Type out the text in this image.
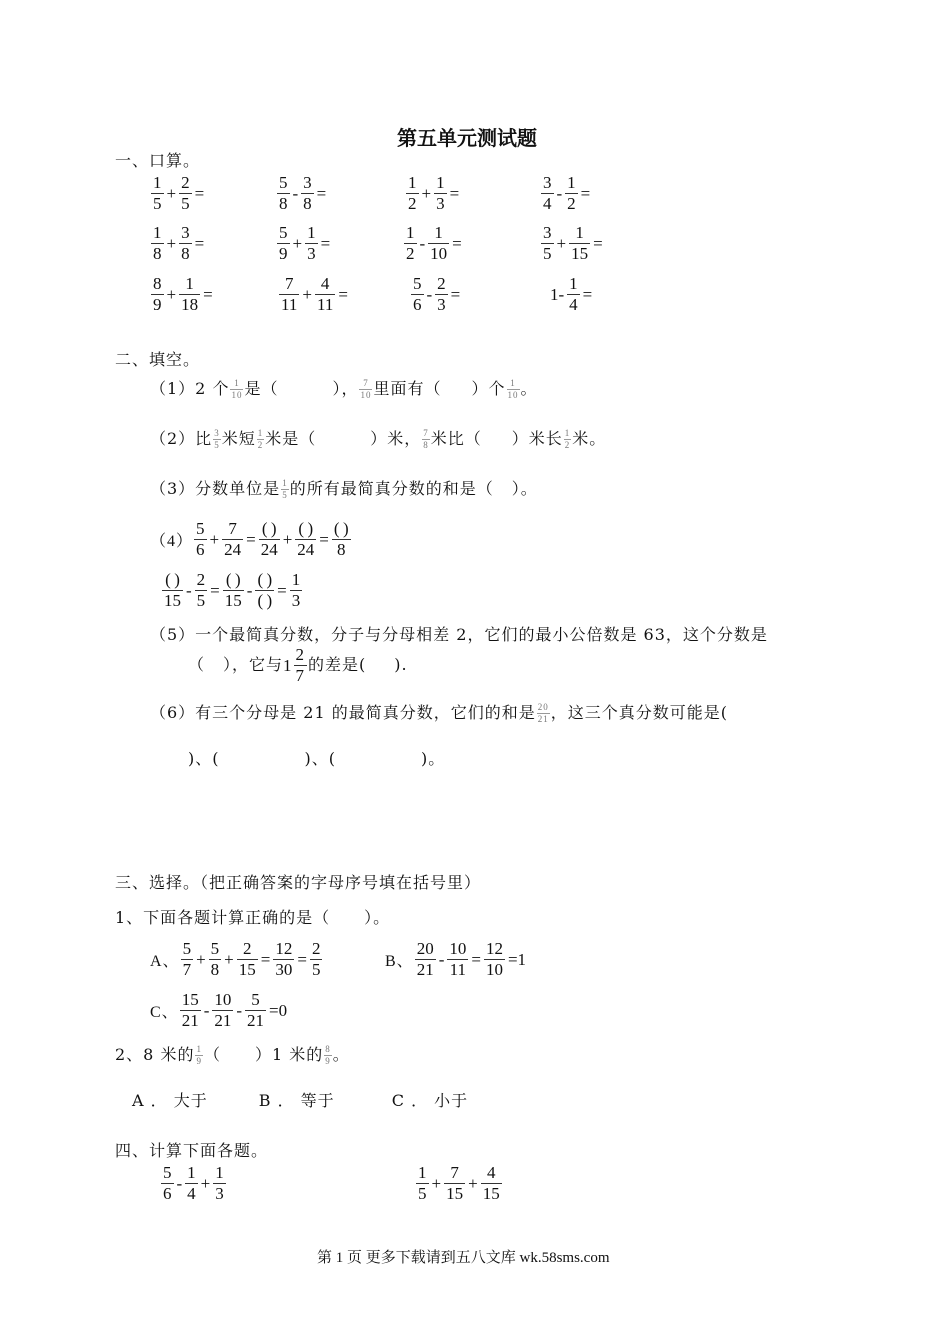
第五单元测试题
一、口算。
$\frac{1}{5} + \frac{2}{5}$ =	$\frac{5}{8} - \frac{3}{8}$ =	$\frac{1}{2} + \frac{1}{3}$ =	$\frac{3}{4} - \frac{1}{2}$ =
$\frac{1}{8} + \frac{3}{8}$ =	$\frac{5}{9} + \frac{1}{3}$ =	$\frac{1}{2} - \frac{1}{10}$ =	$\frac{3}{5} + \frac{1}{15}$ =
$\frac{8}{9} + \frac{1}{18}$ =	$\frac{7}{11} + \frac{4}{11}$ =	$\frac{5}{6} - \frac{2}{3}$ =	$1- \frac{1}{4}$ =
二、填空。
（1）2 个 $\frac{1}{10}$ 是（	）， $\frac{7}{10}$ 里面有（ ）个 $\frac{1}{10}$ 。
（2）比 $\frac{3}{5}$ 米短 $\frac{1}{2}$ 米是（	）米， $\frac{7}{8}$ 米比（ ）米长 $\frac{1}{2}$ 米。
（3）分数单位是 $\frac{1}{5}$ 的所有最简真分数的和是（ ）。
$(4) \frac{5}{6} + \frac{7}{24}$ =
( )
24
+
( )
24
=
( )
8
( )
15
- $\frac{2}{5}$ =
( )
15
-
( )
( )
= $\frac{1}{3}$
（5）一个最简真分数，分子与分母相差 2，它们的最小公倍数是 63，这个分数是
（ ），它与$1 \frac{2}{7}$ 的差是( ).
（6）有三个分母是 21 的最简真分数，它们的和是 $\frac{20}{21}$ ，这三个真分数可能是(
)、(　　　　　)、(　　　　　)。
三、选择。（把正确答案的字母序号填在括号里）
1、下面各题计算正确的是（　　）。
A、 $\frac{5}{7} + \frac{5}{8} + \frac{2}{15} = \frac{12}{30} = \frac{2}{5}$	B、 $\frac{20}{21} - \frac{10}{11} = \frac{12}{10} =1$
C、 $\frac{15}{21} - \frac{10}{21} - \frac{5}{21} =0$
2、8 米的 $\frac{1}{9}$ （　　）1 米的 $\frac{8}{9}$ 。
A ． 大于　　　B ． 等于　　　 C ． 小于
四、计算下面各题。
$\frac{5}{6} - \frac{1}{4} + \frac{1}{3}$	$\frac{1}{5} + \frac{7}{15} + \frac{4}{15}$
第 1 页 更多下载请到五八文库 wk.58sms.com
